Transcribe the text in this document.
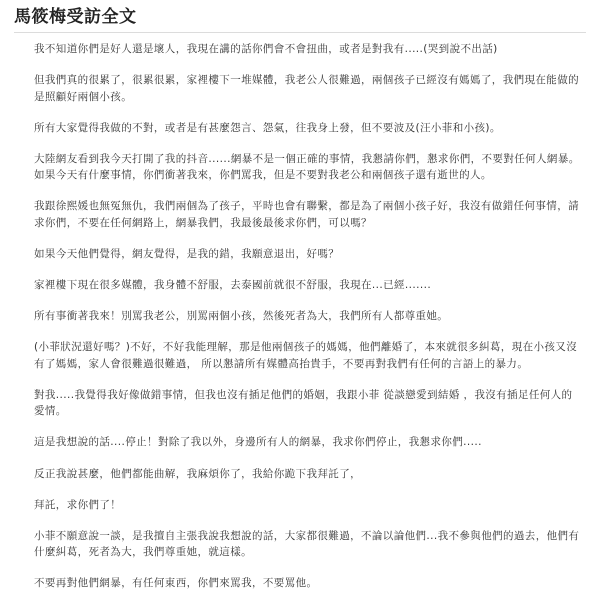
馬筱梅受訪全文

我不知道你們是好人還是壞人，我現在講的話你們會不會扭曲，或者是對我有.....(哭到說不出話)

但我們真的很累了，很累很累，家裡樓下一堆媒體，我老公人很難過，兩個孩子已經沒有媽媽了，我們現在能做的是照顧好兩個小孩。

所有大家覺得我做的不對，或者是有甚麼怨言、怨氣，往我身上發，但不要波及(汪小菲和小孩)。

大陸網友看到我今天打開了我的抖音......網暴不是一個正確的事情，我懇請你們，懇求你們，不要對任何人網暴。如果今天有什麼事情，你們衝著我來，你們罵我，但是不要對我老公和兩個孩子還有逝世的人。

我跟徐熙媛也無冤無仇，我們兩個為了孩子，平時也會有聯繫，都是為了兩個小孩子好，我沒有做錯任何事情，請求你們，不要在任何網路上，網暴我們，我最後最後求你們，可以嗎？

如果今天他們覺得，網友覺得，是我的錯，我願意退出，好嗎？

家裡樓下現在很多媒體，我身體不舒服，去泰國前就很不舒服，我現在...已經.......

所有事衝著我來！別罵我老公，別罵兩個小孩，然後死者為大，我們所有人都尊重她。

(小菲狀況還好嗎？)不好，不好我能理解，那是他兩個孩子的媽媽，他們離婚了，本來就很多糾葛，現在小孩又沒有了媽媽，家人會很難過很難過， 所以懇請所有媒體高抬貴手，不要再對我們有任何的言語上的暴力。

對我.....我覺得我好像做錯事情，但我也沒有插足他們的婚姻，我跟小菲 從談戀愛到結婚 ，我沒有插足任何人的愛情。

這是我想說的話....停止！對除了我以外，身邊所有人的網暴，我求你們停止，我懇求你們.....

反正我說甚麼，他們都能曲解，我麻煩你了，我給你跪下我拜託了，

拜託，求你們了！

小菲不願意說一談，是我擅自主張我說我想說的話，大家都很難過，不論以論他們...我不參與他們的過去，他們有什麼糾葛，死者為大，我們尊重她，就這樣。

不要再對他們網暴，有任何東西，你們來罵我，不要罵他。
